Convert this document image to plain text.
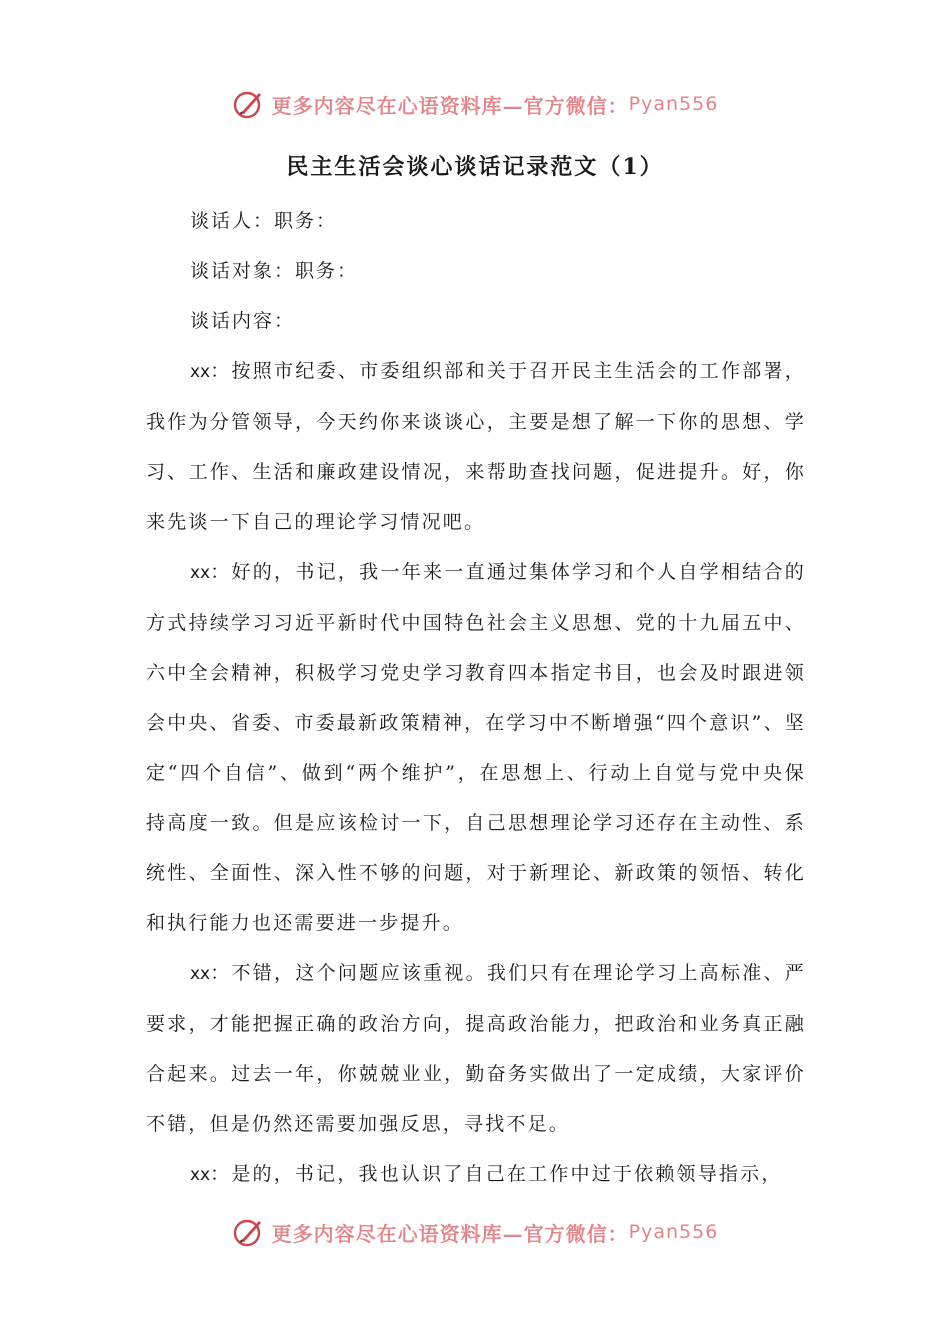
更多内容尽在心语资料库—官方微信： Pyan556
民主生活会谈心谈话记录范文（1）
谈话人：职务：
谈话对象：职务：
谈话内容：

xx：按照市纪委、市委组织部和关于召开民主生活会的工作部署，我作为分管领导，今天约你来谈谈心，主要是想了解一下你的思想、学习、工作、生活和廉政建设情况，来帮助查找问题，促进提升。好，你来先谈一下自己的理论学习情况吧。

xx：好的，书记，我一年来一直通过集体学习和个人自学相结合的方式持续学习习近平新时代中国特色社会主义思想、党的十九届五中、六中全会精神，积极学习党史学习教育四本指定书目，也会及时跟进领会中央、省委、市委最新政策精神，在学习中不断增强“四个意识”、坚定“四个自信”、做到“两个维护”，在思想上、行动上自觉与党中央保持高度一致。但是应该检讨一下，自己思想理论学习还存在主动性、系统性、全面性、深入性不够的问题，对于新理论、新政策的领悟、转化和执行能力也还需要进一步提升。

xx：不错，这个问题应该重视。我们只有在理论学习上高标准、严要求，才能把握正确的政治方向，提高政治能力，把政治和业务真正融合起来。过去一年，你兢兢业业，勤奋务实做出了一定成绩，大家评价不错，但是仍然还需要加强反思，寻找不足。

xx：是的，书记，我也认识了自己在工作中过于依赖领导指示，

更多内容尽在心语资料库—官方微信： Pyan556
